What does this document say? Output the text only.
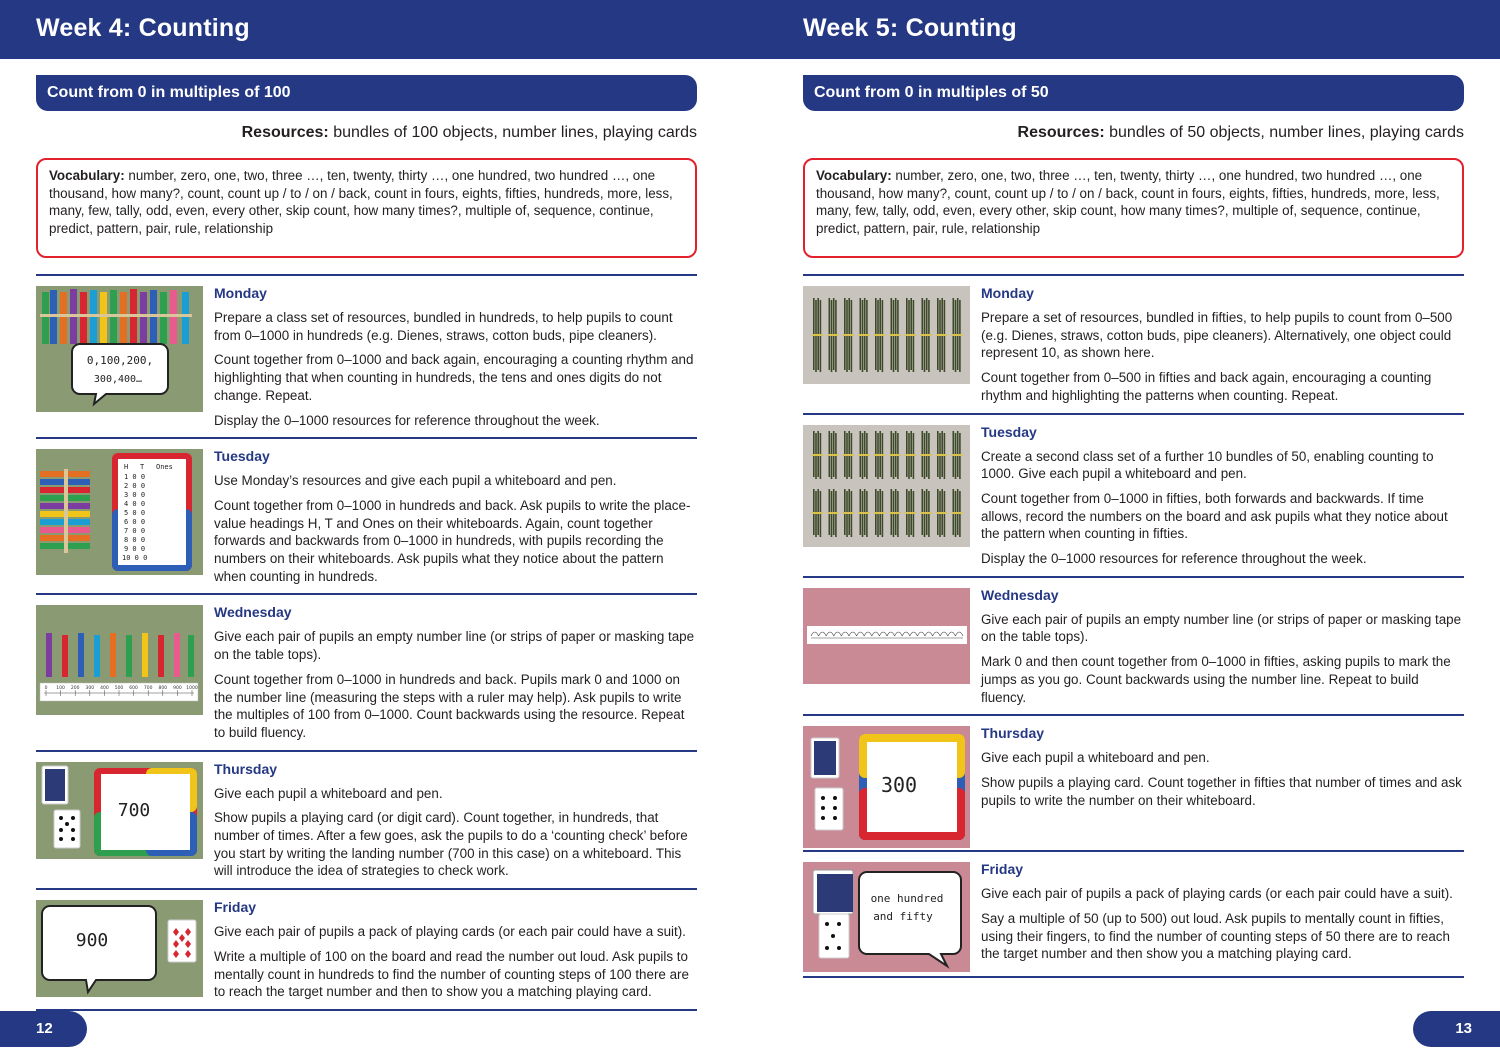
Week 4: Counting	Week 5: Counting
Count from 0 in multiples of 100
Resources: bundles of 100 objects, number lines, playing cards
Vocabulary: number, zero, one, two, three …, ten, twenty, thirty …, one hundred, two hundred …, one thousand, how many?, count, count up / to / on / back, count in fours, eights, fifties, hundreds, more, less, many, few, tally, odd, even, every other, skip count, how many times?, multiple of, sequence, continue, predict, pattern, pair, rule, relationship
0,100,200,
300,400…
Monday

Prepare a class set of resources, bundled in hundreds, to help pupils to count from 0–1000 in hundreds (e.g. Dienes, straws, cotton buds, pipe cleaners).

Count together from 0–1000 and back again, encouraging a counting rhythm and highlighting that when counting in hundreds, the tens and ones digits do not change. Repeat.

Display the 0–1000 resources for reference throughout the week.

H T Ones
1 0 0
2 0 0
3 0 0
4 0 0
5 0 0
6 0 0
7 0 0
8 0 0
9 0 0
10 0 0
Tuesday

Use Monday’s resources and give each pupil a whiteboard and pen.

Count together from 0–1000 in hundreds and back. Ask pupils to write the place-value headings H, T and Ones on their whiteboards. Again, count together forwards and backwards from 0–1000 in hundreds, with pupils recording the numbers on their whiteboards. Ask pupils what they notice about the pattern when counting in hundreds.

0 100 200 300 400 500 600 700 800 900 1000
Wednesday

Give each pair of pupils an empty number line (or strips of paper or masking tape on the table tops).

Count together from 0–1000 in hundreds and back. Pupils mark 0 and 1000 on the number line (measuring the steps with a ruler may help). Ask pupils to write the multiples of 100 from 0–1000. Count backwards using the resource. Repeat to build fluency.

700
Thursday

Give each pupil a whiteboard and pen.

Show pupils a playing card (or digit card). Count together, in hundreds, that number of times. After a few goes, ask the pupils to do a ‘counting check’ before you start by writing the landing number (700 in this case) on a whiteboard. This will introduce the idea of strategies to check work.

900
Friday

Give each pair of pupils a pack of playing cards (or each pair could have a suit).

Write a multiple of 100 on the board and read the number out loud. Ask pupils to mentally count in hundreds to find the number of counting steps of 100 there are to reach the target number and then to show you a matching playing card.

Count from 0 in multiples of 50
Resources: bundles of 50 objects, number lines, playing cards
Vocabulary: number, zero, one, two, three …, ten, twenty, thirty …, one hundred, two hundred …, one thousand, how many?, count, count up / to / on / back, count in fours, eights, fifties, hundreds, more, less, many, few, tally, odd, even, every other, skip count, how many times?, multiple of, sequence, continue, predict, pattern, pair, rule, relationship
Monday

Prepare a set of resources, bundled in fifties, to help pupils to count from 0–500 (e.g. Dienes, straws, cotton buds, pipe cleaners). Alternatively, one object could represent 10, as shown here.

Count together from 0–500 in fifties and back again, encouraging a counting rhythm and highlighting the patterns when counting. Repeat.

Tuesday

Create a second class set of a further 10 bundles of 50, enabling counting to 1000. Give each pupil a whiteboard and pen.

Count together from 0–1000 in fifties, both forwards and backwards. If time allows, record the numbers on the board and ask pupils what they notice about the pattern when counting in fifties.

Display the 0–1000 resources for reference throughout the week.

Wednesday

Give each pair of pupils an empty number line (or strips of paper or masking tape on the table tops).

Mark 0 and then count together from 0–1000 in fifties, asking pupils to mark the jumps as you go. Count backwards using the number line. Repeat to build fluency.

300
Thursday

Give each pupil a whiteboard and pen.

Show pupils a playing card. Count together in fifties that number of times and ask pupils to write the number on their whiteboard.

one hundred
and fifty
Friday

Give each pair of pupils a pack of playing cards (or each pair could have a suit).

Say a multiple of 50 (up to 500) out loud. Ask pupils to mentally count in fifties, using their fingers, to find the number of counting steps of 50 there are to reach the target number and then show you a matching playing card.

12	13
